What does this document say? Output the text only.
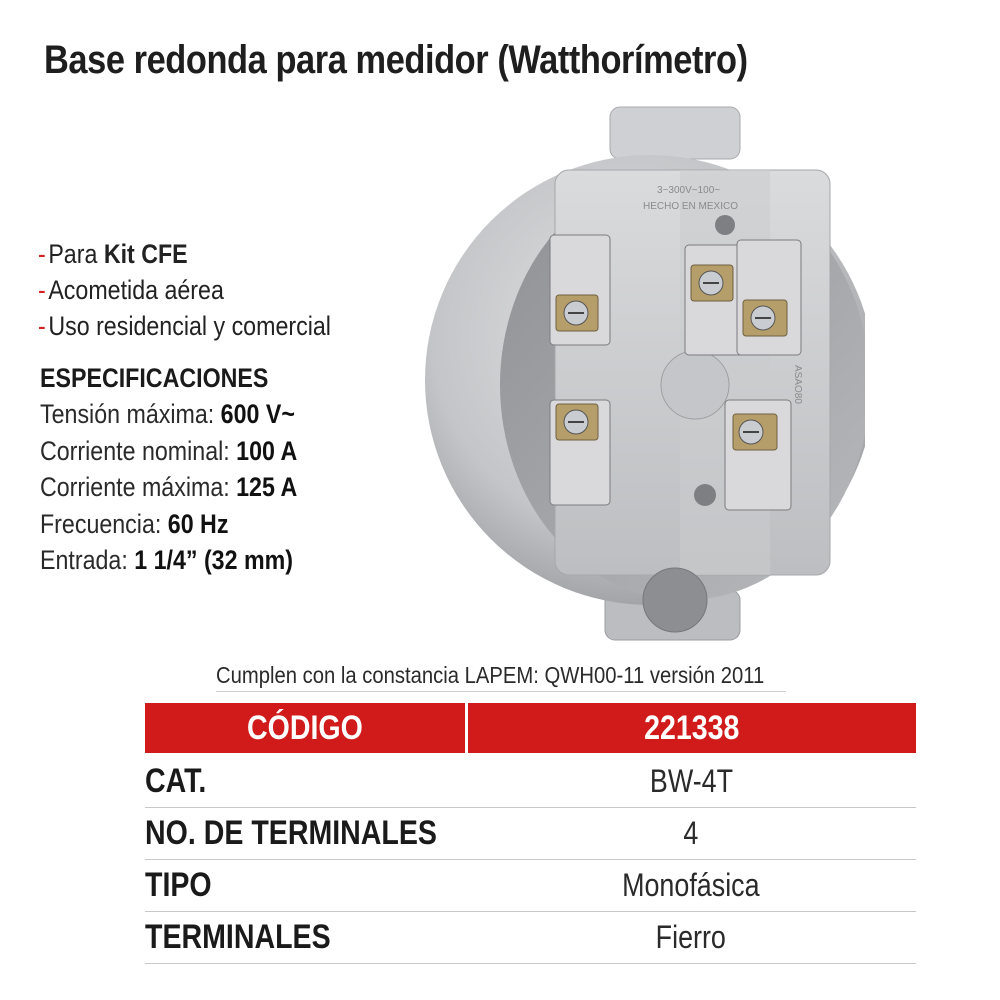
Base redonda para medidor (Watthorímetro)
-Para Kit CFE
-Acometida aérea
-Uso residencial y comercial
ESPECIFICACIONES
Tensión máxima: 600 V~
Corriente nominal: 100 A
Corriente máxima: 125 A
Frecuencia: 60 Hz
Entrada: 1 1/4” (32 mm)
3~300V~100~
HECHO EN MEXICO
ASAO80
Cumplen con la constancia LAPEM: QWH00-11 versión 2011
CÓDIGO	221338
CAT.	BW-4T
NO. DE TERMINALES	4
TIPO	Monofásica
TERMINALES	Fierro
